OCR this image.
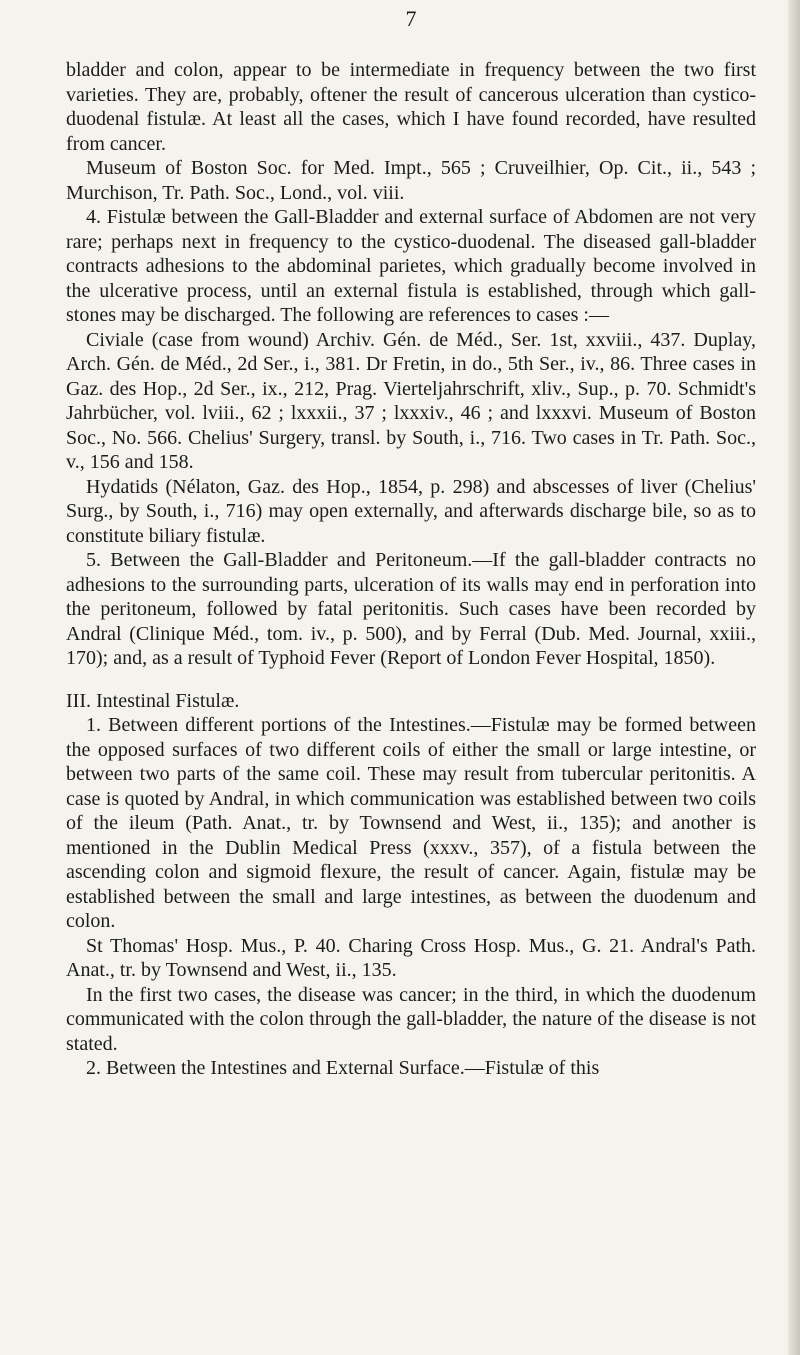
7

bladder and colon, appear to be intermediate in frequency between the two first varieties. They are, probably, oftener the result of cancerous ulceration than cystico-duodenal fistulæ. At least all the cases, which I have found recorded, have resulted from cancer.

Museum of Boston Soc. for Med. Impt., 565 ; Cruveilhier, Op. Cit., ii., 543 ; Murchison, Tr. Path. Soc., Lond., vol. viii.

4. Fistulæ between the Gall-Bladder and external surface of Abdomen are not very rare; perhaps next in frequency to the cystico-duodenal. The diseased gall-bladder contracts adhesions to the abdominal parietes, which gradually become involved in the ulcerative process, until an external fistula is established, through which gall-stones may be discharged. The following are references to cases :—

Civiale (case from wound) Archiv. Gén. de Méd., Ser. 1st, xxviii., 437. Duplay, Arch. Gén. de Méd., 2d Ser., i., 381. Dr Fretin, in do., 5th Ser., iv., 86. Three cases in Gaz. des Hop., 2d Ser., ix., 212, Prag. Vierteljahrschrift, xliv., Sup., p. 70. Schmidt's Jahrbücher, vol. lviii., 62 ; lxxxii., 37 ; lxxxiv., 46 ; and lxxxvi. Museum of Boston Soc., No. 566. Chelius' Surgery, transl. by South, i., 716. Two cases in Tr. Path. Soc., v., 156 and 158.

Hydatids (Nélaton, Gaz. des Hop., 1854, p. 298) and abscesses of liver (Chelius' Surg., by South, i., 716) may open externally, and afterwards discharge bile, so as to constitute biliary fistulæ.

5. Between the Gall-Bladder and Peritoneum.—If the gall-bladder contracts no adhesions to the surrounding parts, ulceration of its walls may end in perforation into the peritoneum, followed by fatal peritonitis. Such cases have been recorded by Andral (Clinique Méd., tom. iv., p. 500), and by Ferral (Dub. Med. Journal, xxiii., 170); and, as a result of Typhoid Fever (Report of London Fever Hospital, 1850).

III. Intestinal Fistulæ.

1. Between different portions of the Intestines.—Fistulæ may be formed between the opposed surfaces of two different coils of either the small or large intestine, or between two parts of the same coil. These may result from tubercular peritonitis. A case is quoted by Andral, in which communication was established between two coils of the ileum (Path. Anat., tr. by Townsend and West, ii., 135); and another is mentioned in the Dublin Medical Press (xxxv., 357), of a fistula between the ascending colon and sigmoid flexure, the result of cancer. Again, fistulæ may be established between the small and large intestines, as between the duodenum and colon.

St Thomas' Hosp. Mus., P. 40. Charing Cross Hosp. Mus., G. 21. Andral's Path. Anat., tr. by Townsend and West, ii., 135.

In the first two cases, the disease was cancer; in the third, in which the duodenum communicated with the colon through the gall-bladder, the nature of the disease is not stated.

2. Between the Intestines and External Surface.—Fistulæ of this
